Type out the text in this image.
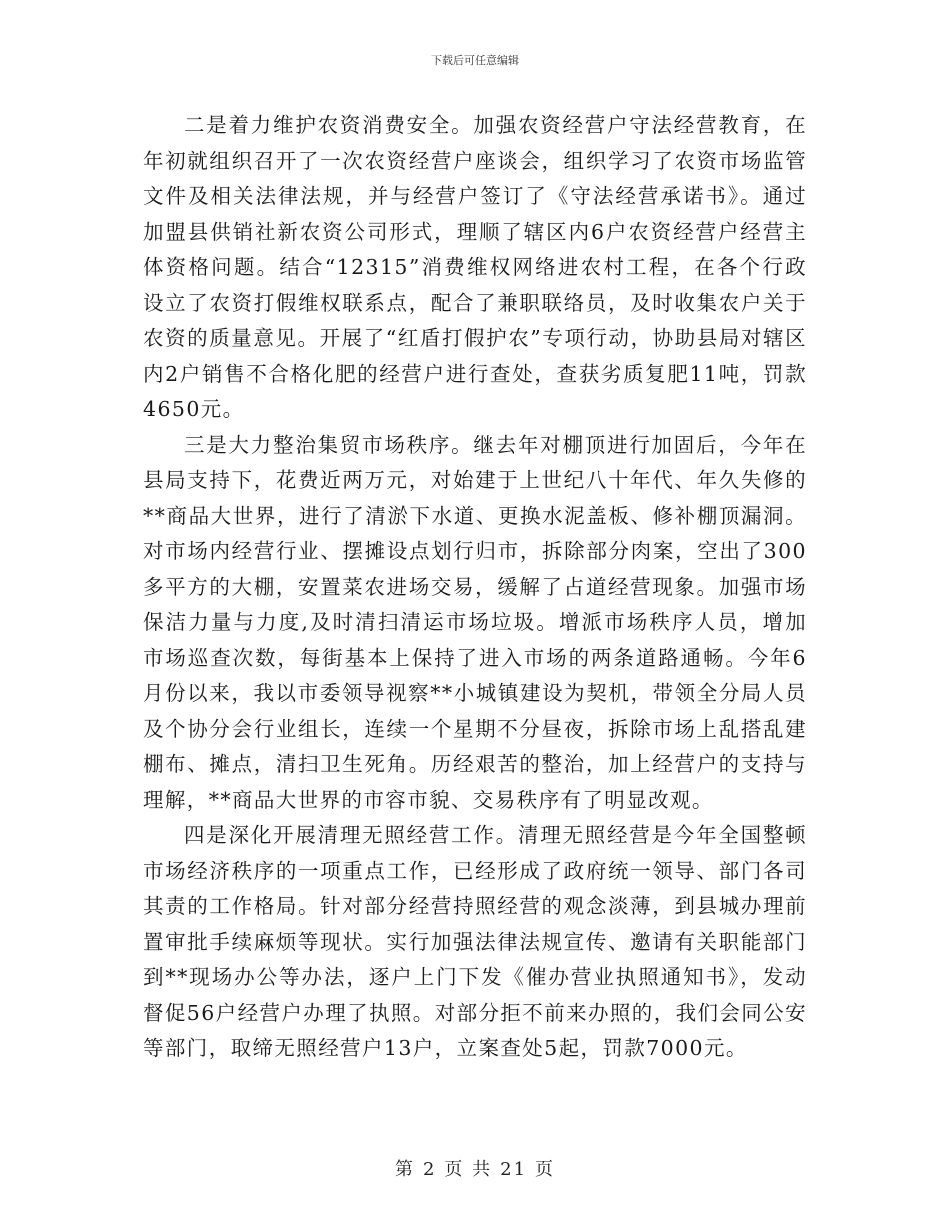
下载后可任意编辑

二是着力维护农资消费安全。加强农资经营户守法经营教育，在年初就组织召开了一次农资经营户座谈会，组织学习了农资市场监管文件及相关法律法规，并与经营户签订了《守法经营承诺书》。通过加盟县供销社新农资公司形式，理顺了辖区内6户农资经营户经营主体资格问题。结合“12315”消费维权网络进农村工程，在各个行政设立了农资打假维权联系点，配合了兼职联络员，及时收集农户关于农资的质量意见。开展了“红盾打假护农”专项行动，协助县局对辖区内2户销售不合格化肥的经营户进行查处，查获劣质复肥11吨，罚款4650元。

三是大力整治集贸市场秩序。继去年对棚顶进行加固后，今年在县局支持下，花费近两万元，对始建于上世纪八十年代、年久失修的**商品大世界，进行了清淤下水道、更换水泥盖板、修补棚顶漏洞。对市场内经营行业、摆摊设点划行归市，拆除部分肉案，空出了300多平方的大棚，安置菜农进场交易，缓解了占道经营现象。加强市场保洁力量与力度,及时清扫清运市场垃圾。增派市场秩序人员，增加市场巡查次数，每街基本上保持了进入市场的两条道路通畅。今年6月份以来，我以市委领导视察**小城镇建设为契机，带领全分局人员及个协分会行业组长，连续一个星期不分昼夜，拆除市场上乱搭乱建棚布、摊点，清扫卫生死角。历经艰苦的整治，加上经营户的支持与理解，**商品大世界的市容市貌、交易秩序有了明显改观。

四是深化开展清理无照经营工作。清理无照经营是今年全国整顿市场经济秩序的一项重点工作，已经形成了政府统一领导、部门各司其责的工作格局。针对部分经营持照经营的观念淡薄，到县城办理前置审批手续麻烦等现状。实行加强法律法规宣传、邀请有关职能部门到**现场办公等办法，逐户上门下发《催办营业执照通知书》，发动督促56户经营户办理了执照。对部分拒不前来办照的，我们会同公安等部门，取缔无照经营户13户，立案查处5起，罚款7000元。

第 2 页 共 21 页
